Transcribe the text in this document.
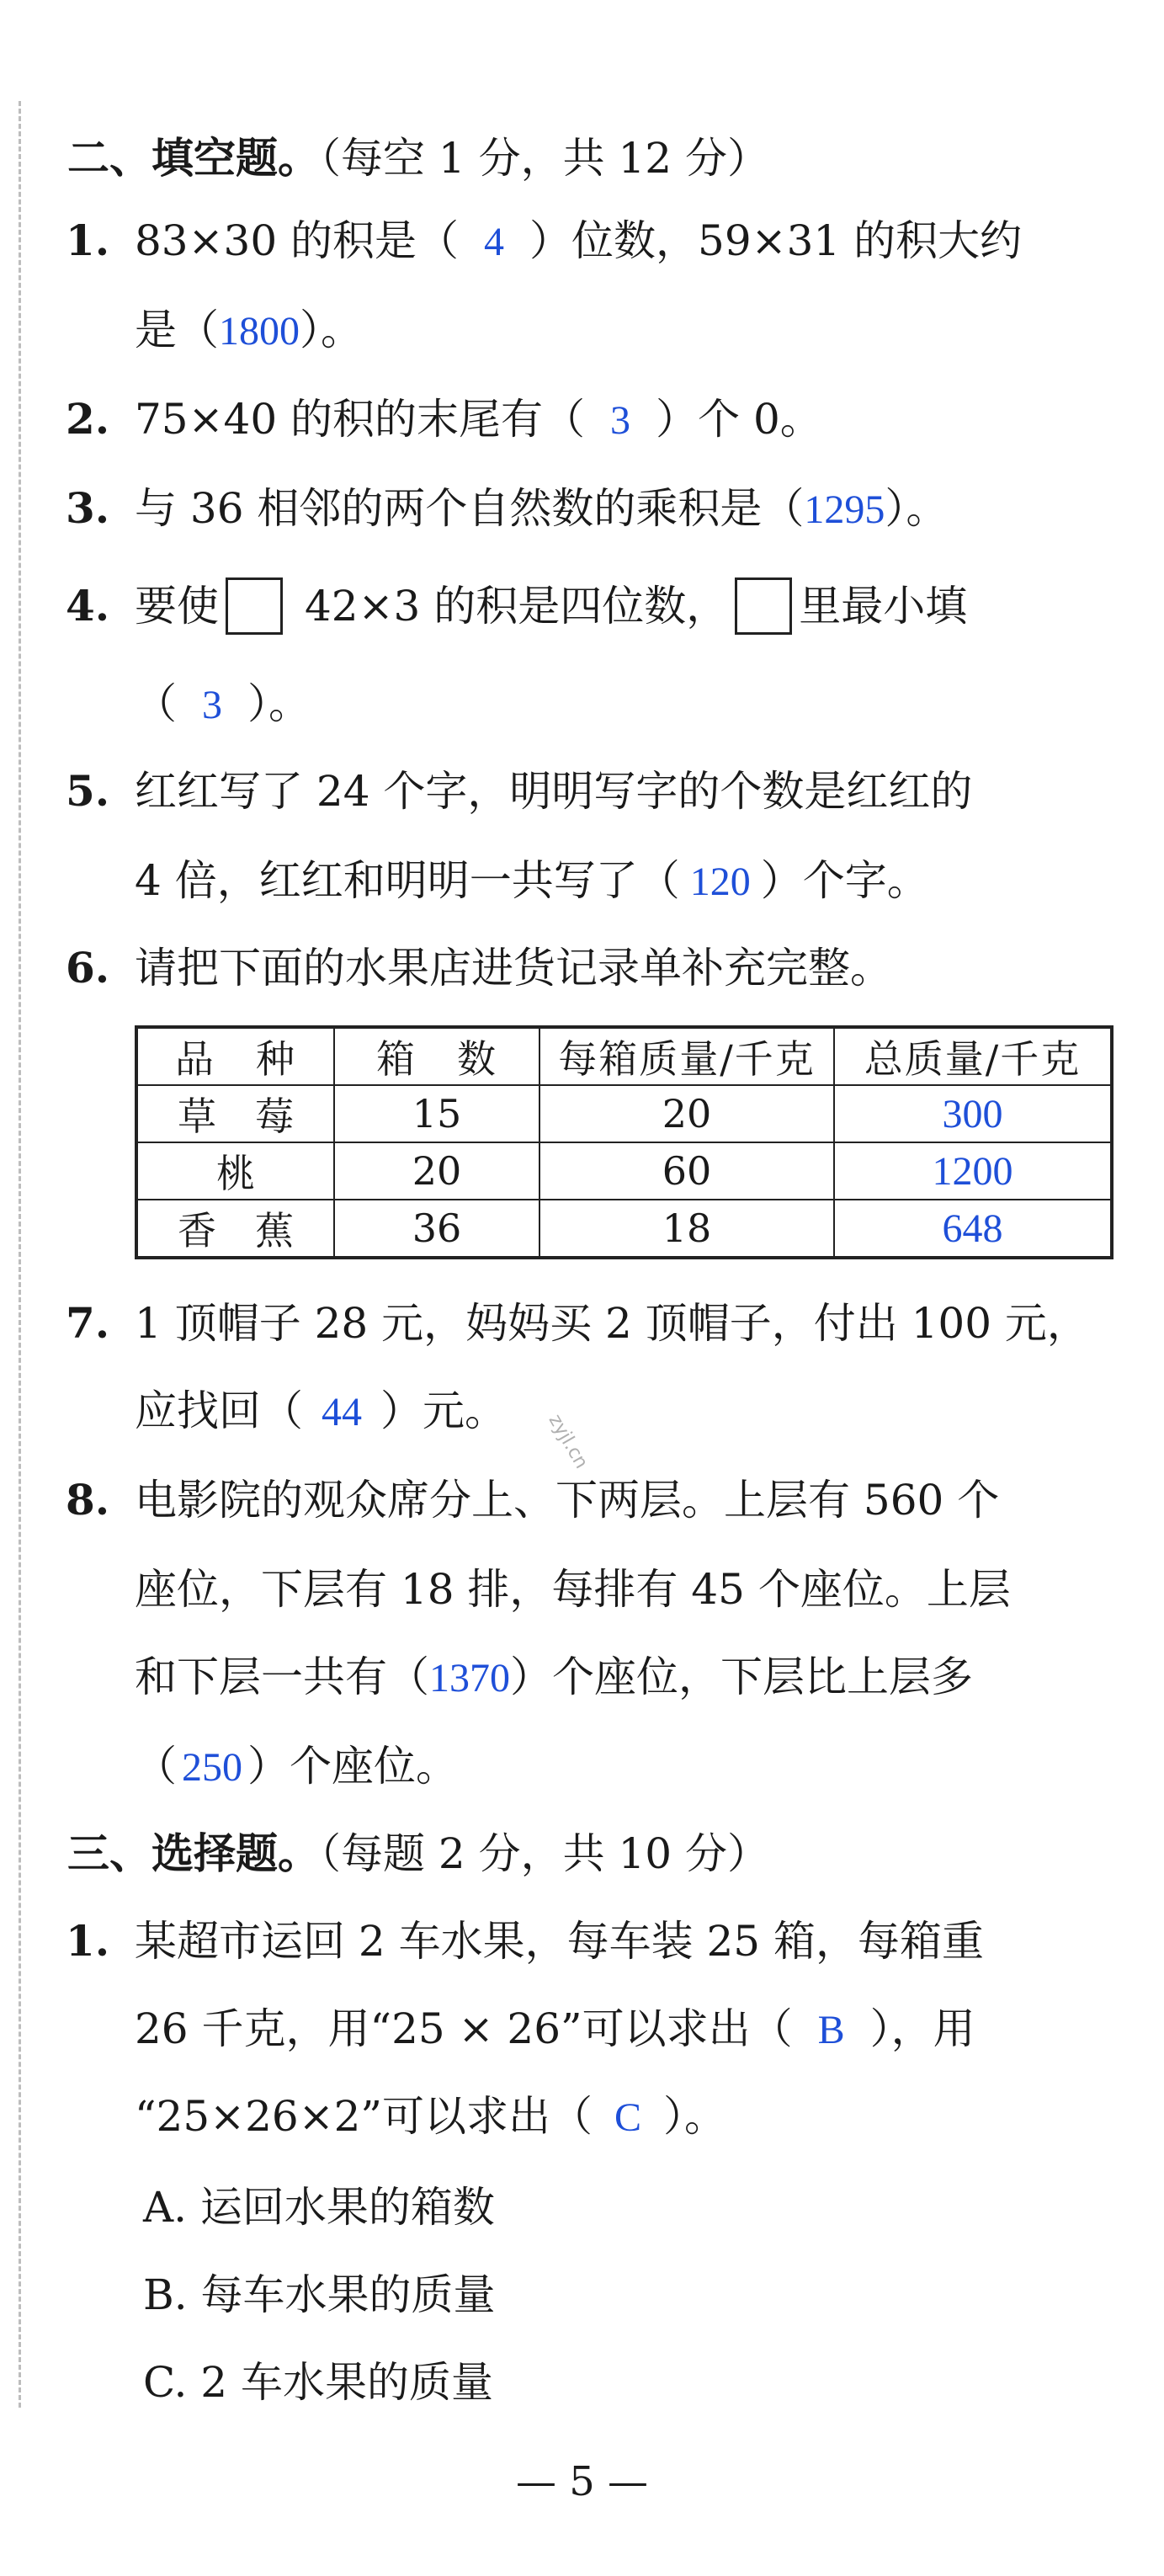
二、填空题。（每空 1 分，共 12 分）
1. 83×30 的积是（ 4 ）位数，59×31 的积大约
是（1800）。
2. 75×40 的积的末尾有（ 3 ）个 0。
3. 与 36 相邻的两个自然数的乘积是（1295）。
4. 要使 42×3 的积是四位数， 里最小填
（ 3 ）。
5. 红红写了 24 个字，明明写字的个数是红红的
4 倍，红红和明明一共写了（ 120 ）个字。
6. 请把下面的水果店进货记录单补充完整。
品　种	箱　数	每箱质量/千克	总质量/千克
草　莓	15	20	300
桃	20	60	1200
香　蕉	36	18	648
7. 1 顶帽子 28 元，妈妈买 2 顶帽子，付出 100 元，
应找回（ 44 ）元。
zyjl.cn
8. 电影院的观众席分上、下两层。上层有 560 个
座位，下层有 18 排，每排有 45 个座位。上层
和下层一共有（1370）个座位，下层比上层多
（ 250 ）个座位。
三、选择题。（每题 2 分，共 10 分）
1. 某超市运回 2 车水果，每车装 25 箱，每箱重
26 千克，用“25 × 26”可以求出（ B ），用
“25×26×2”可以求出（ C ）。
A. 运回水果的箱数
B. 每车水果的质量
C. 2 车水果的质量
— 5 —
